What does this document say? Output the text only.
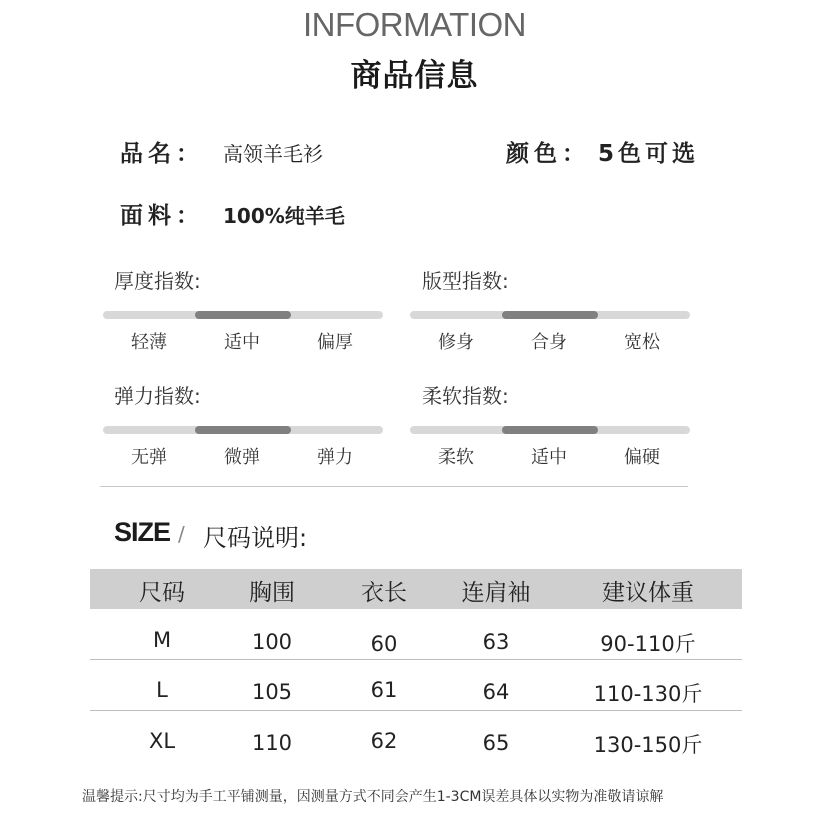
INFORMATION
商品信息
品名： 高领羊毛衫	颜色： 5色可选
面料： 100%纯羊毛
厚度指数:
轻薄	适中	偏厚
版型指数:
修身	合身	宽松
弹力指数:
无弹	微弹	弹力
柔软指数:
柔软	适中	偏硬
SIZE / 尺码说明:
尺码	胸围	衣长	连肩袖	建议体重
M	100	60	63	90-110斤
L	105	61	64	110-130斤
XL	110	62	65	130-150斤
温馨提示:尺寸均为手工平铺测量，因测量方式不同会产生1-3CM误差具体以实物为准敬请谅解
